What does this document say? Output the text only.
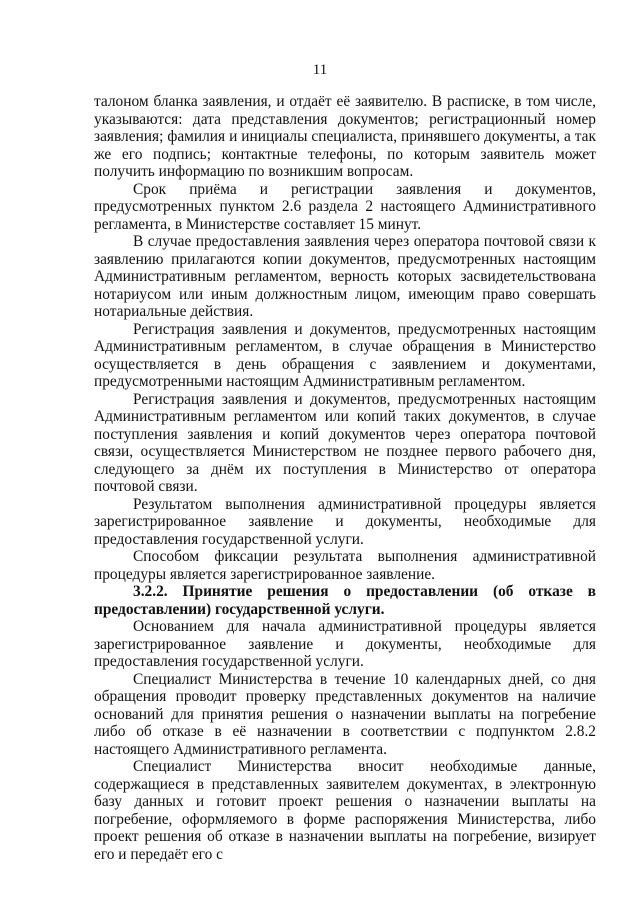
11

талоном бланка заявления, и отдаёт её заявителю. В расписке, в том числе, указываются: дата представления документов; регистрационный номер заявления; фамилия и инициалы специалиста, принявшего документы, а так же его подпись; контактные телефоны, по которым заявитель может получить информацию по возникшим вопросам.

Срок приёма и регистрации заявления и документов, предусмотренных пунктом 2.6 раздела 2 настоящего Административного регламента, в Министерстве составляет 15 минут.

В случае предоставления заявления через оператора почтовой связи к заявлению прилагаются копии документов, предусмотренных настоящим Административным регламентом, верность которых засвидетельствована нотариусом или иным должностным лицом, имеющим право совершать нотариальные действия.

Регистрация заявления и документов, предусмотренных настоящим Административным регламентом, в случае обращения в Министерство осуществляется в день обращения с заявлением и документами, предусмотренными настоящим Административным регламентом.

Регистрация заявления и документов, предусмотренных настоящим Административным регламентом или копий таких документов, в случае поступления заявления и копий документов через оператора почтовой связи, осуществляется Министерством не позднее первого рабочего дня, следующего за днём их поступления в Министерство от оператора почтовой связи.

Результатом выполнения административной процедуры является зарегистрированное заявление и документы, необходимые для предоставления государственной услуги.

Способом фиксации результата выполнения административной процедуры является зарегистрированное заявление.

3.2.2. Принятие решения о предоставлении (об отказе в предоставлении) государственной услуги.

Основанием для начала административной процедуры является зарегистрированное заявление и документы, необходимые для предоставления государственной услуги.

Специалист Министерства в течение 10 календарных дней, со дня обращения проводит проверку представленных документов на наличие оснований для принятия решения о назначении выплаты на погребение либо об отказе в её назначении в соответствии с подпунктом 2.8.2 настоящего Административного регламента.

Специалист Министерства вносит необходимые данные, содержащиеся в представленных заявителем документах, в электронную базу данных и готовит проект решения о назначении выплаты на погребение, оформляемого в форме распоряжения Министерства, либо проект решения об отказе в назначении выплаты на погребение, визирует его и передаёт его с
